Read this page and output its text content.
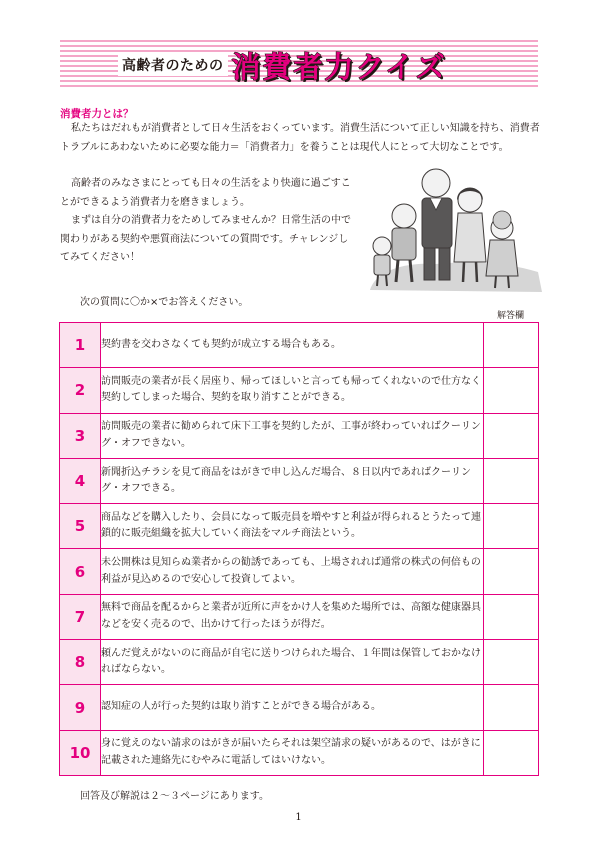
高齢者のための 消費者力クイズ
消費者力とは？

私たちはだれもが消費者として日々生活をおくっています。消費生活について正しい知識を持ち、消費者トラブルにあわないために必要な能力＝「消費者力」を養うことは現代人にとって大切なことです。

高齢者のみなさまにとっても日々の生活をより快適に過ごすことができるよう消費者力を磨きましょう。

まずは自分の消費者力をためしてみませんか？日常生活の中で関わりがある契約や悪質商法についての質問です。チャレンジしてみてください！

次の質問に〇か×でお答えください。
解答欄
1	契約書を交わさなくても契約が成立する場合もある。	
2	訪問販売の業者が長く居座り、帰ってほしいと言っても帰ってくれないので仕方なく契約してしまった場合、契約を取り消すことができる。	
3	訪問販売の業者に勧められて床下工事を契約したが、工事が終わっていればクーリング・オフできない。	
4	新聞折込チラシを見て商品をはがきで申し込んだ場合、８日以内であればクーリング・オフできる。	
5	商品などを購入したり、会員になって販売員を増やすと利益が得られるとうたって連鎖的に販売組織を拡大していく商法をマルチ商法という。	
6	未公開株は見知らぬ業者からの勧誘であっても、上場されれば通常の株式の何倍もの利益が見込めるので安心して投資してよい。	
7	無料で商品を配るからと業者が近所に声をかけ人を集めた場所では、高額な健康器具などを安く売るので、出かけて行ったほうが得だ。	
8	頼んだ覚えがないのに商品が自宅に送りつけられた場合、１年間は保管しておかなければならない。	
9	認知症の人が行った契約は取り消すことができる場合がある。	
10	身に覚えのない請求のはがきが届いたらそれは架空請求の疑いがあるので、はがきに記載された連絡先にむやみに電話してはいけない。	
回答及び解説は２～３ページにあります。
1
